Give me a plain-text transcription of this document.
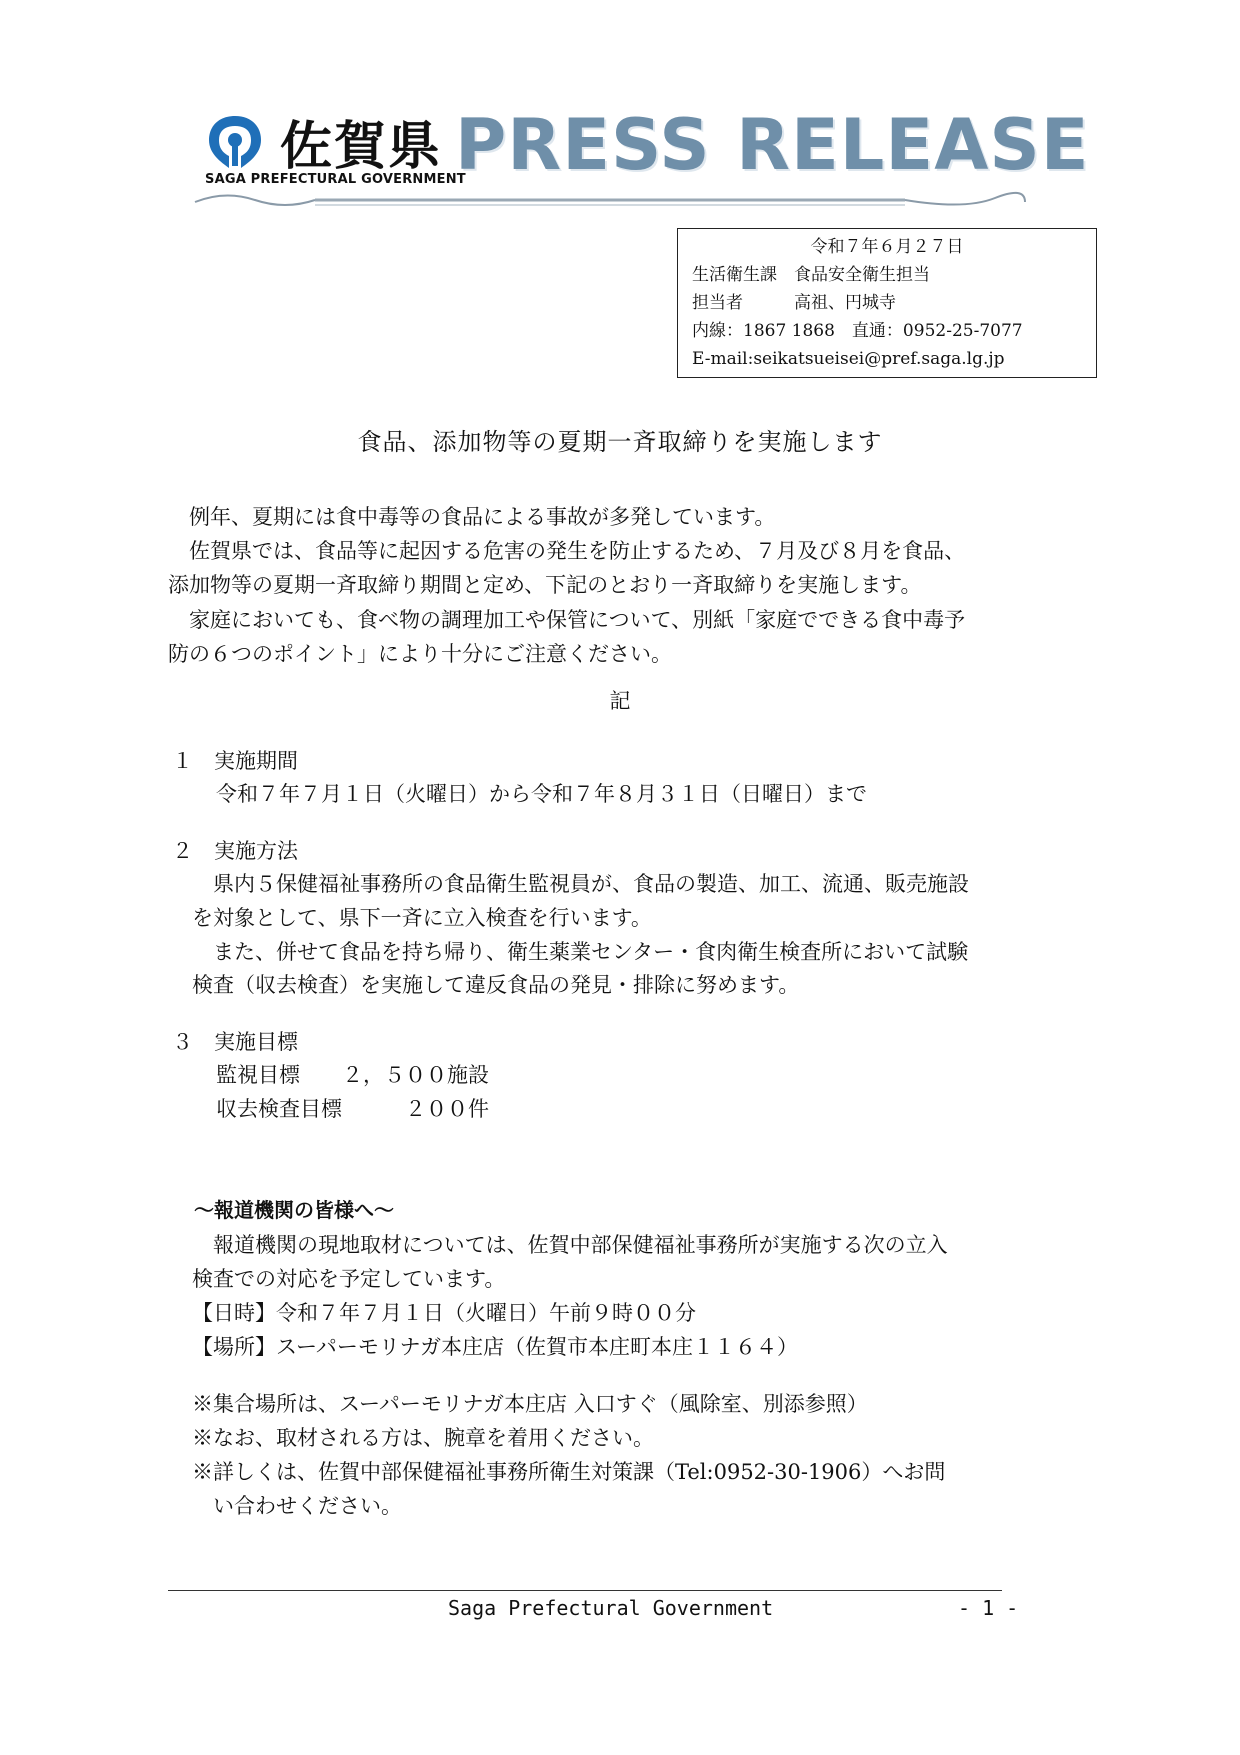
佐賀県
SAGA PREFECTURAL GOVERNMENT
PRESS RELEASE
令和７年６月２７日
生活衛生課　食品安全衛生担当
担当者　　　高祖、円城寺
内線：1867 1868　直通：0952-25-7077
E-mail:seikatsueisei@pref.saga.lg.jp
食品、添加物等の夏期一斉取締りを実施します
　例年、夏期には食中毒等の食品による事故が多発しています。
　佐賀県では、食品等に起因する危害の発生を防止するため、７月及び８月を食品、
添加物等の夏期一斉取締り期間と定め、下記のとおり一斉取締りを実施します。
　家庭においても、食べ物の調理加工や保管について、別紙「家庭でできる食中毒予
防の６つのポイント」により十分にご注意ください。
記
１　実施期間
令和７年７月１日（火曜日）から令和７年８月３１日（日曜日）まで
２　実施方法
　県内５保健福祉事務所の食品衛生監視員が、食品の製造、加工、流通、販売施設
を対象として、県下一斉に立入検査を行います。
　また、併せて食品を持ち帰り、衛生薬業センター・食肉衛生検査所において試験
検査（収去検査）を実施して違反食品の発見・排除に努めます。
３　実施目標
監視目標　　２，５００施設
収去検査目標　　　２００件
～報道機関の皆様へ～
　報道機関の現地取材については、佐賀中部保健福祉事務所が実施する次の立入
検査での対応を予定しています。
【日時】令和７年７月１日（火曜日）午前９時００分
【場所】スーパーモリナガ本庄店（佐賀市本庄町本庄１１６４）
※集合場所は、スーパーモリナガ本庄店 入口すぐ（風除室、別添参照）
※なお、取材される方は、腕章を着用ください。
※詳しくは、佐賀中部保健福祉事務所衛生対策課（Tel:0952-30-1906）へお問
　い合わせください。
Saga Prefectural Government	- 1 -
